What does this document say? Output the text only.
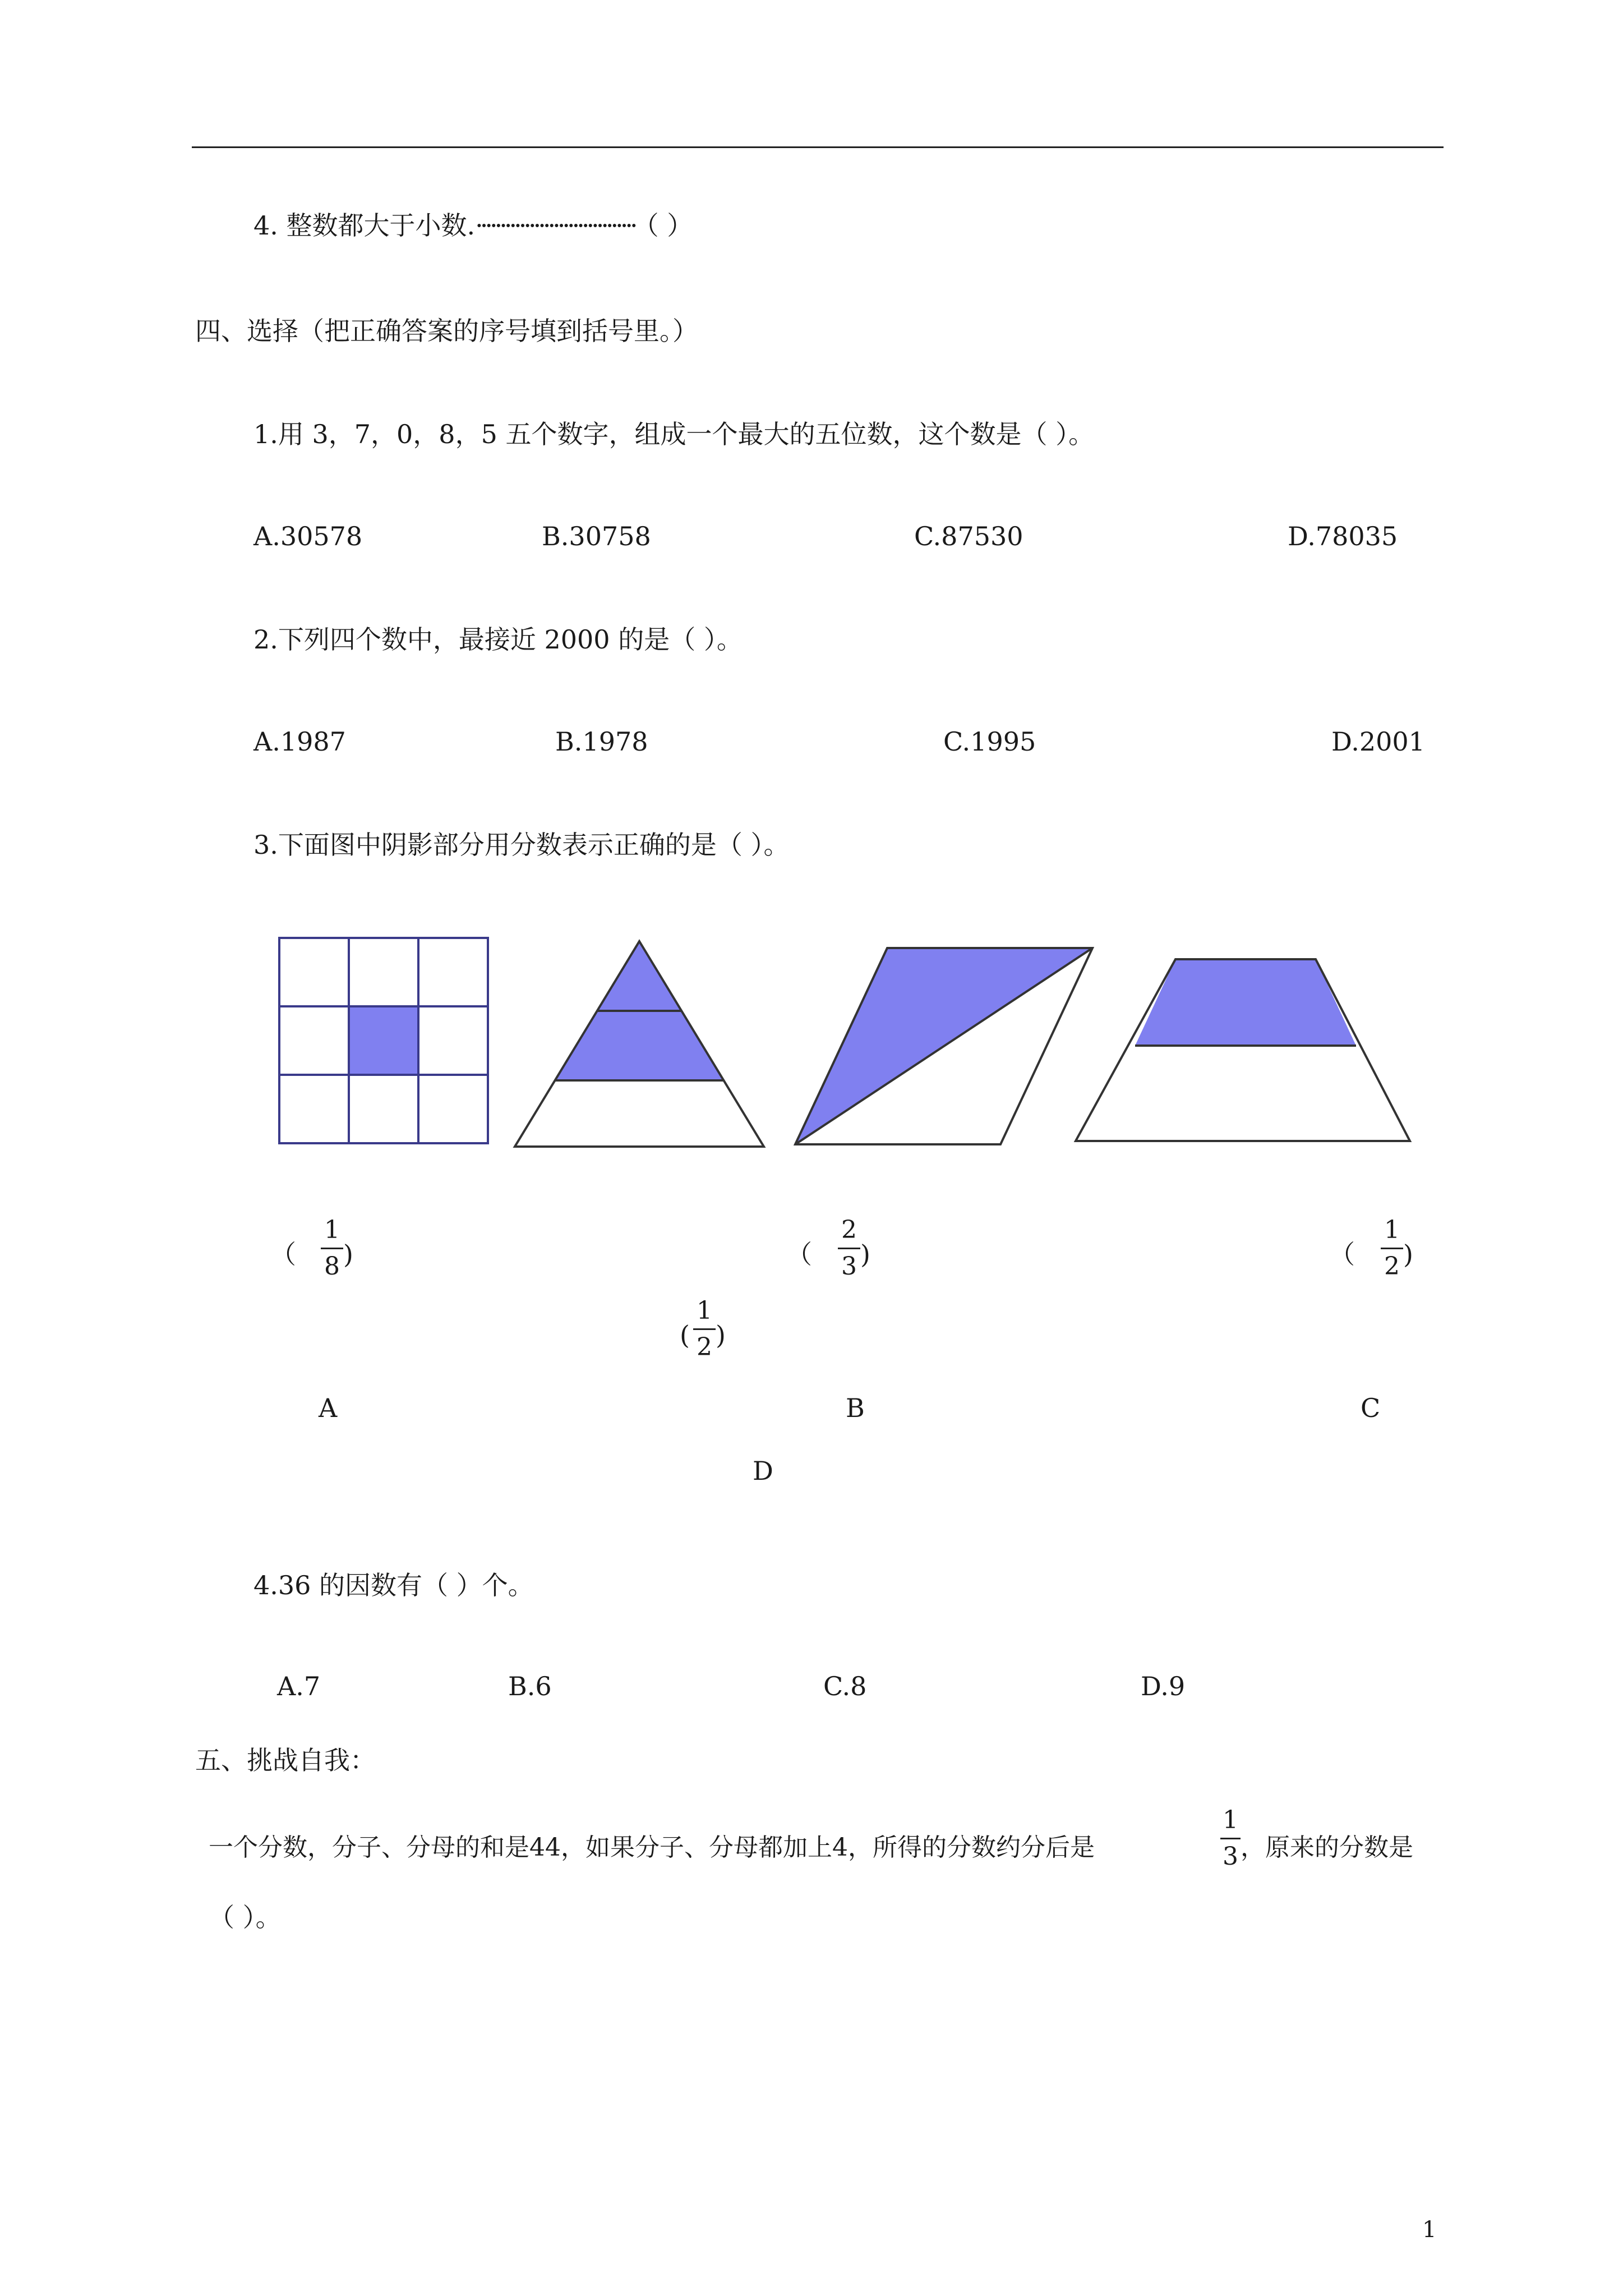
4. 整数都大于小数.································· （ ）
四、选择（把正确答案的序号填到括号里。）
1.用 3，7，0，8，5 五个数字，组成一个最大的五位数，这个数是（ ）。
A.30578	B.30758	C.87530	D.78035
2.下列四个数中，最接近 2000 的是（ ）。
A.1987	B.1978	C.1995	D.2001
3.下面图中阴影部分用分数表示正确的是（ ）。
（
1
8 )	（
2
3 )	（
1
2 )
(
1
2 )
A	B	C
D
4.36 的因数有（ ）个。
A.7	B.6	C.8	D.9
五、挑战自我：
一个分数，分子、分母的和是44，如果分子、分母都加上4，所得的分数约分后是
1
3 ，原来的分数是
（ ）。
1
